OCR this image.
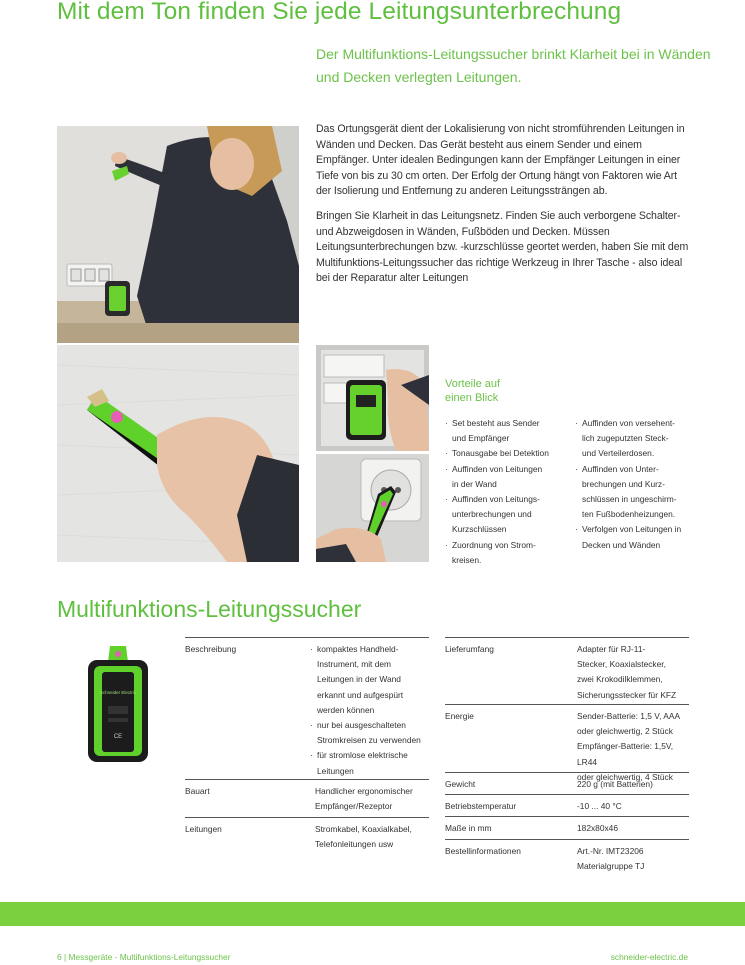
Mit dem Ton finden Sie jede Leitungsunterbrechung
Der Multifunktions-Leitungssucher brinkt Klarheit bei in Wänden und Decken verlegten Leitungen.

Das Ortungsgerät dient der Lokalisierung von nicht stromführenden Leitungen in Wänden und Decken. Das Gerät besteht aus einem Sender und einem Empfänger. Unter idealen Bedingungen kann der Empfänger Leitungen in einer Tiefe von bis zu 30 cm orten. Der Erfolg der Ortung hängt von Faktoren wie Art der Isolierung und Entfernung zu anderen Leitungssträngen ab.

Bringen Sie Klarheit in das Leitungsnetz. Finden Sie auch verborgene Schalter- und Abzweigdosen in Wänden, Fußböden und Decken. Müssen Leitungsunterbrechungen bzw. -kurzschlüsse geortet werden, haben Sie mit dem Multifunktions-Leitungssucher das richtige Werkzeug in Ihrer Tasche - also ideal bei der Reparatur alter Leitungen

Vorteile auf
einen Blick
· Set besteht aus Sender
und Empfänger
· Tonausgabe bei Detektion
· Auffinden von Leitungen
in der Wand
· Auffinden von Leitungs-
unterbrechungen und
Kurzschlüssen
· Zuordnung von Strom-
kreisen.
· Auffinden von versehent-
lich zugeputzten Steck-
und Verteilerdosen.
· Auffinden von Unter-
brechungen und Kurz-
schlüssen in ungeschirm-
ten Fußbodenheizungen.
· Verfolgen von Leitungen in
Decken und Wänden
Multifunktions-Leitungssucher
Schneider Electric
CE
Beschreibung
·	kompaktes Handheld-
Instrument, mit dem
Leitungen in der Wand
erkannt und aufgespürt
werden können
· nur bei ausgeschalteten
Stromkreisen zu verwenden
· für stromlose elektrische
Leitungen
Bauart	Handlicher ergonomischer
Empfänger/Rezeptor
Leitungen	Stromkabel, Koaxialkabel,
Telefonleitungen usw
Lieferumfang	Adapter für RJ-11-
Stecker, Koaxialstecker,
zwei Krokodilklemmen,
Sicherungsstecker für KFZ
Energie	Sender-Batterie: 1,5 V, AAA
oder gleichwertig, 2 Stück
Empfänger-Batterie: 1,5V, LR44
oder gleichwertig, 4 Stück
Gewicht	220 g (mit Batterien)
Betriebstemperatur	-10 ... 40 °C
Maße in mm	182x80x46
Bestellinformationen	Art.-Nr. IMT23206
Materialgruppe TJ
6 | Messgeräte - Multifunktions-Leitungssucher	schneider-electric.de
